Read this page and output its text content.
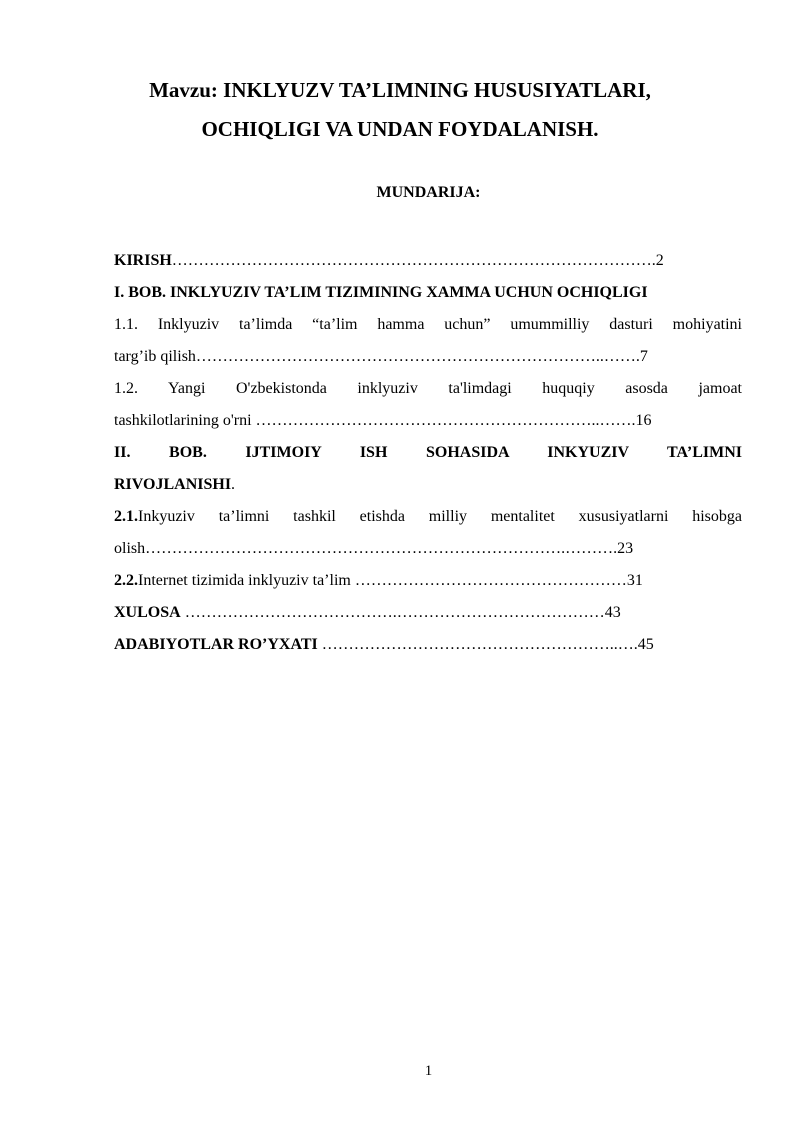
Mavzu: INKLYUZV TA’LIMNING HUSUSIYATLARI,
OCHIQLIGI VA UNDAN FOYDALANISH.
MUNDARIJA:
KIRISH……………………………………………………………………………….2
I. BOB. INKLYUZIV TA’LIM TIZIMINING XAMMA UCHUN OCHIQLIGI
1.1. Inklyuziv ta’limda “ta’lim hamma uchun” umummilliy dasturi mohiyatini
targ’ib qilish…………………………………………………………………..…….7
1.2. Yangi O'zbekistonda inklyuziv ta'limdagi huquqiy asosda jamoat
tashkilotlarining o'rni ………………………………………………………..…….16
II. BOB. IJTIMOIY ISH SOHASIDA INKYUZIV TA’LIMNI
RIVOJLANISHI.
2.1.Inkyuziv ta’limni tashkil etishda milliy mentalitet xususiyatlarni hisobga
olish…………………………………………………………………….……….23
2.2.Internet tizimida inklyuziv ta’lim ……………………………………………31
XULOSA ………………………………….…………………………………43
ADABIYOTLAR RO’YXATI ………………………………………………..….45
1
